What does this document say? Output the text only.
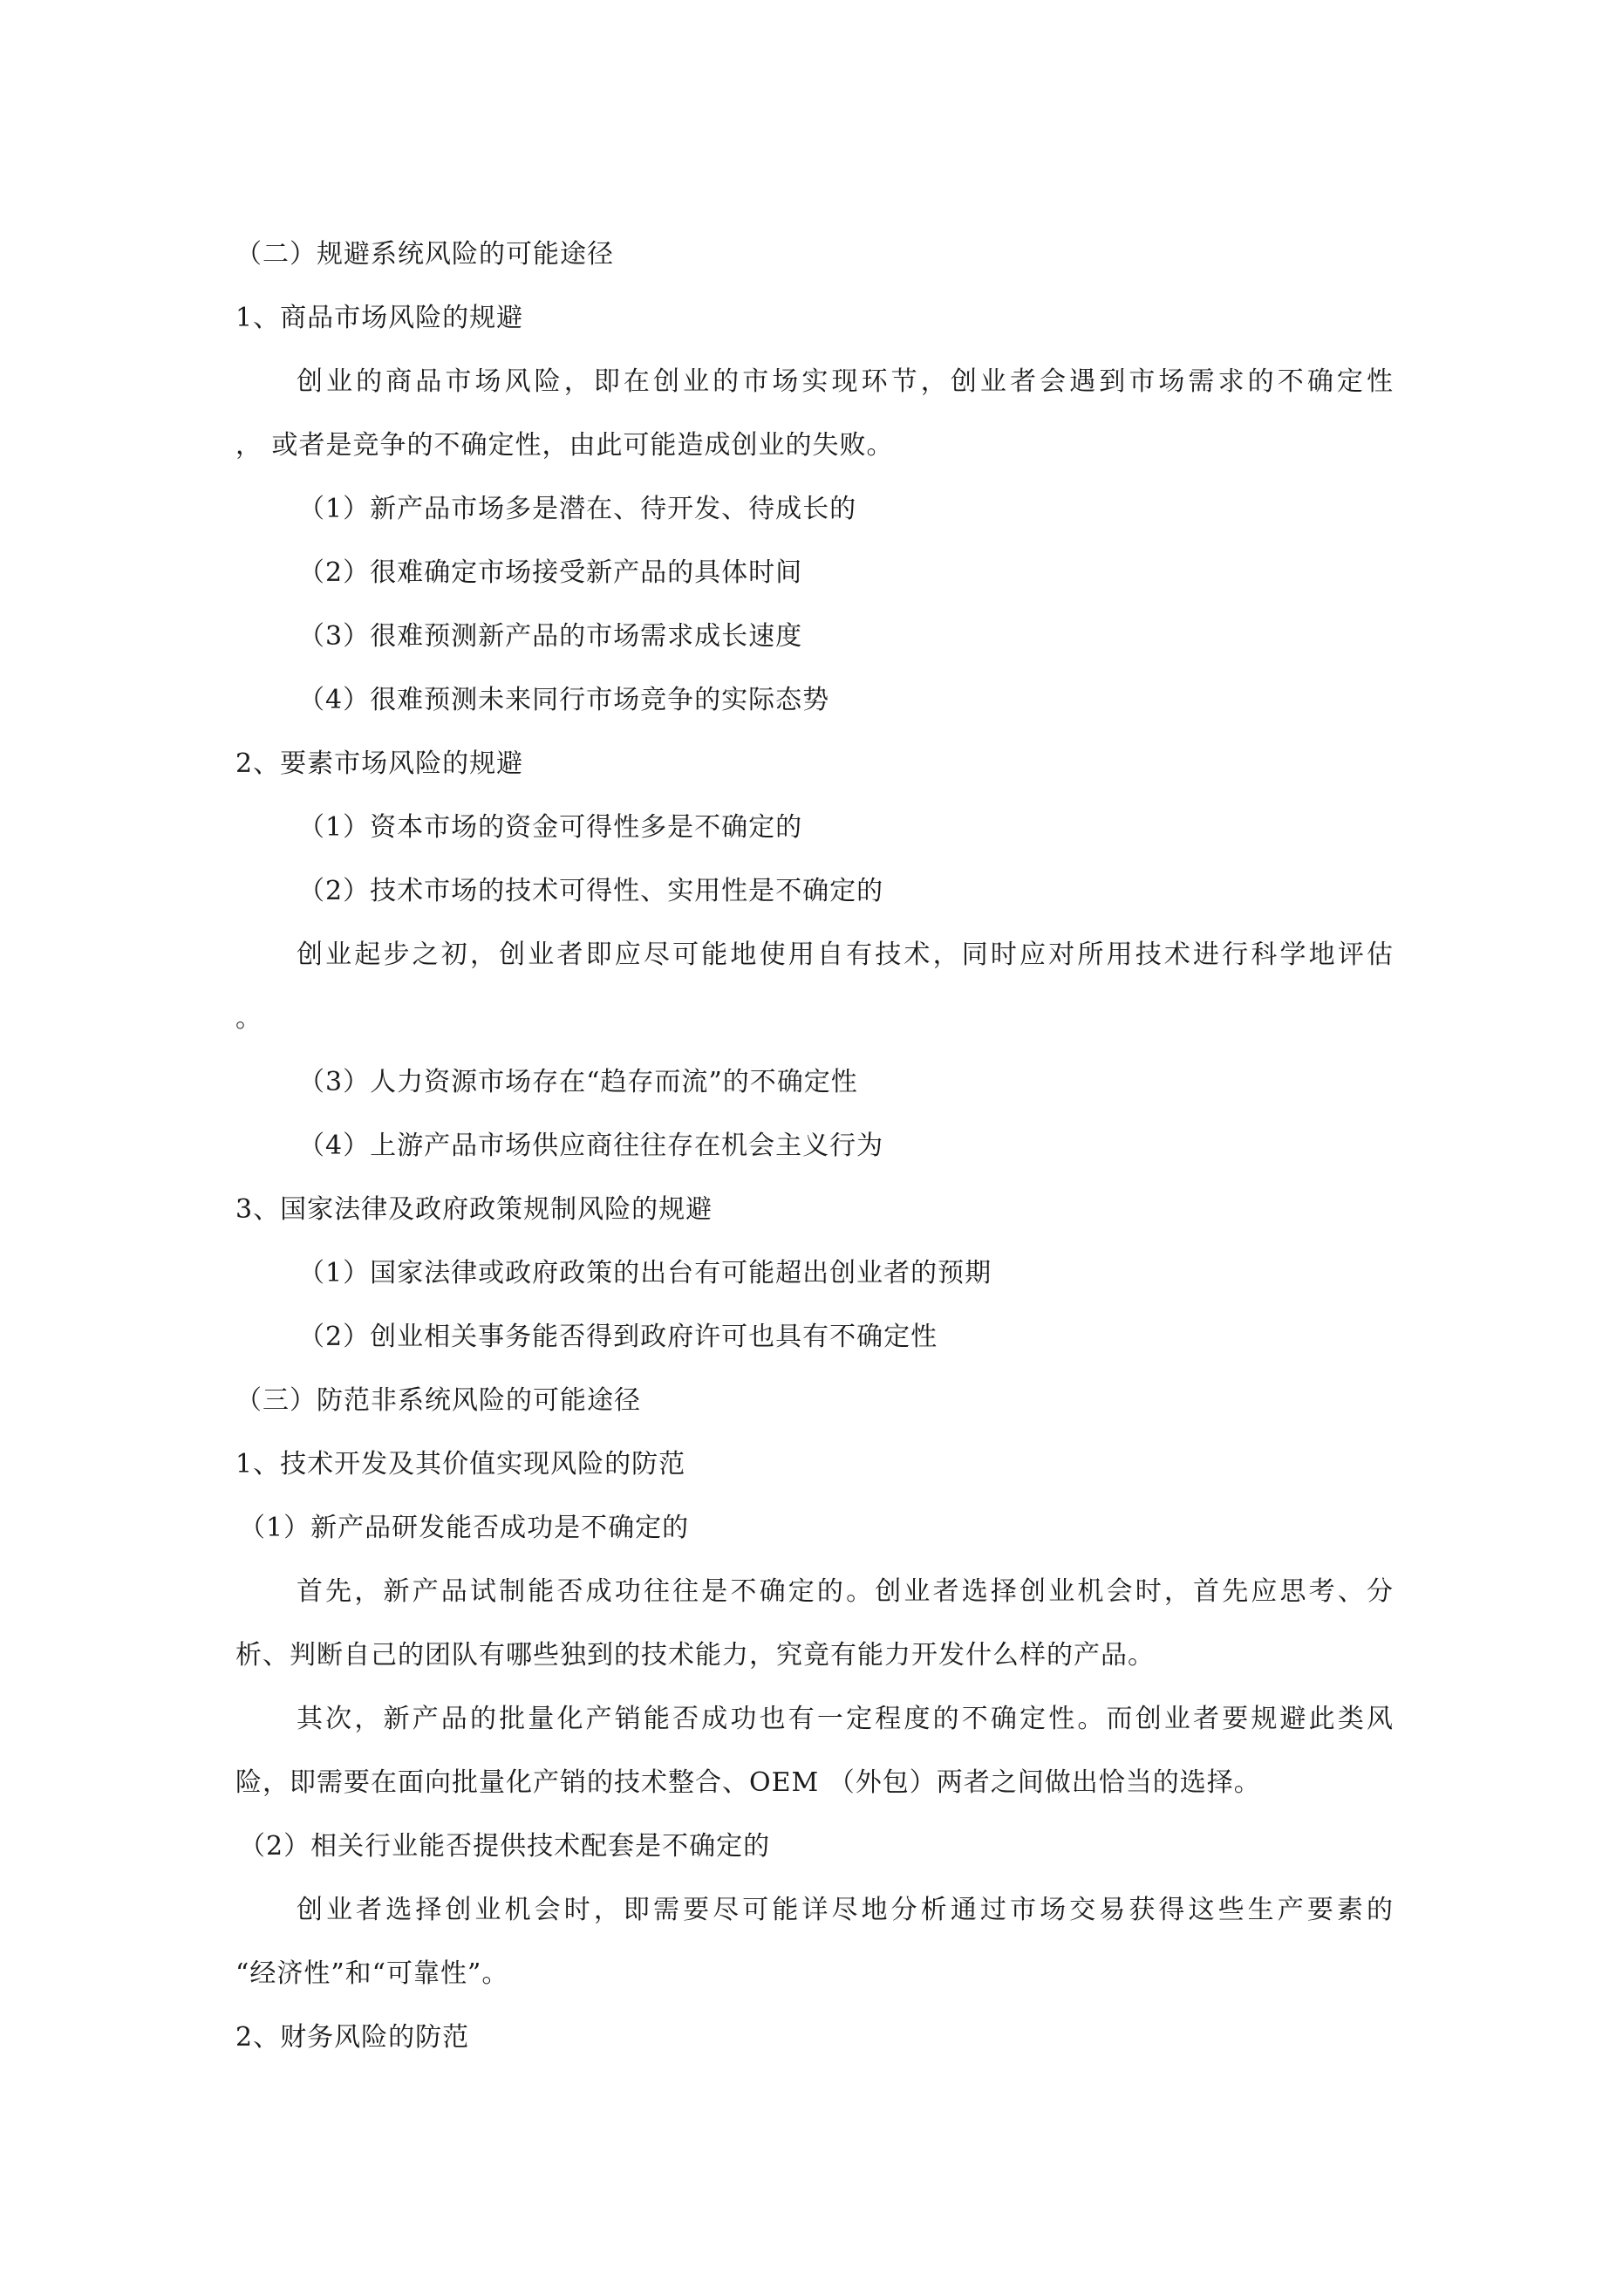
（二）规避系统风险的可能途径
1、商品市场风险的规避
创业的商品市场风险，即在创业的市场实现环节，创业者会遇到市场需求的不确定性
， 或者是竞争的不确定性，由此可能造成创业的失败。
（1）新产品市场多是潜在、待开发、待成长的
（2）很难确定市场接受新产品的具体时间
（3）很难预测新产品的市场需求成长速度
（4）很难预测未来同行市场竞争的实际态势
2、要素市场风险的规避
（1）资本市场的资金可得性多是不确定的
（2）技术市场的技术可得性、实用性是不确定的
创业起步之初，创业者即应尽可能地使用自有技术，同时应对所用技术进行科学地评估
。
（3）人力资源市场存在“趋存而流”的不确定性
（4）上游产品市场供应商往往存在机会主义行为
3、国家法律及政府政策规制风险的规避
（1）国家法律或政府政策的出台有可能超出创业者的预期
（2）创业相关事务能否得到政府许可也具有不确定性
（三）防范非系统风险的可能途径
1、技术开发及其价值实现风险的防范
（1）新产品研发能否成功是不确定的
首先，新产品试制能否成功往往是不确定的。创业者选择创业机会时，首先应思考、分
析、判断自己的团队有哪些独到的技术能力，究竟有能力开发什么样的产品。
其次，新产品的批量化产销能否成功也有一定程度的不确定性。而创业者要规避此类风
险，即需要在面向批量化产销的技术整合、OEM （外包）两者之间做出恰当的选择。
（2）相关行业能否提供技术配套是不确定的
创业者选择创业机会时，即需要尽可能详尽地分析通过市场交易获得这些生产要素的
“经济性”和“可靠性”。
2、财务风险的防范
